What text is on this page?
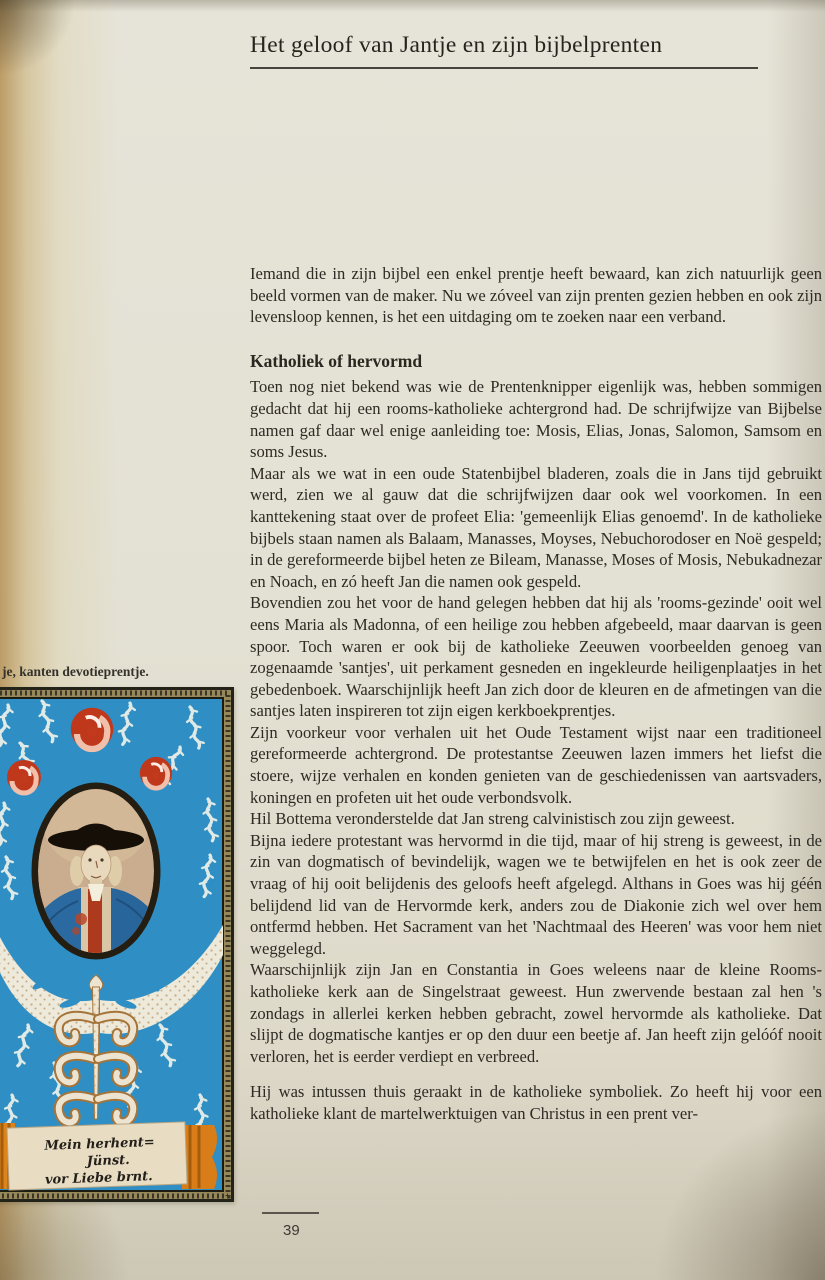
Het geloof van Jantje en zijn bijbelprenten
je, kanten devotieprentje.
Mein herhent=
Jünst.
vor Liebe brnt.

Iemand die in zijn bijbel een enkel prentje heeft bewaard, kan zich natuurlijk geen beeld vormen van de maker. Nu we zóveel van zijn prenten gezien hebben en ook zijn levensloop kennen, is het een uitdaging om te zoeken naar een verband.

Katholiek of hervormd

Toen nog niet bekend was wie de Prentenknipper eigenlijk was, hebben sommigen gedacht dat hij een rooms-katholieke achtergrond had. De schrijfwijze van Bijbelse namen gaf daar wel enige aanleiding toe: Mosis, Elias, Jonas, Salomon, Samsom en soms Jesus.

Maar als we wat in een oude Statenbijbel bladeren, zoals die in Jans tijd gebruikt werd, zien we al gauw dat die schrijfwijzen daar ook wel voorkomen. In een kanttekening staat over de profeet Elia: 'gemeenlijk Elias genoemd'. In de katholieke bijbels staan namen als Balaam, Manasses, Moyses, Nebuchorodoser en Noë gespeld; in de gereformeerde bijbel heten ze Bileam, Manasse, Moses of Mosis, Nebukadnezar en Noach, en zó heeft Jan die namen ook gespeld.

Bovendien zou het voor de hand gelegen hebben dat hij als 'rooms-gezinde' ooit wel eens Maria als Madonna, of een heilige zou hebben afgebeeld, maar daarvan is geen spoor. Toch waren er ook bij de katholieke Zeeuwen voorbeelden genoeg van zogenaamde 'santjes', uit perkament gesneden en ingekleurde heiligenplaatjes in het gebedenboek. Waarschijnlijk heeft Jan zich door de kleuren en de afmetingen van die santjes laten inspireren tot zijn eigen kerkboekprentjes.

Zijn voorkeur voor verhalen uit het Oude Testament wijst naar een traditioneel gereformeerde achtergrond. De protestantse Zeeuwen lazen immers het liefst die stoere, wijze verhalen en konden genieten van de geschiedenissen van aartsvaders, koningen en profeten uit het oude verbondsvolk.

Hil Bottema veronderstelde dat Jan streng calvinistisch zou zijn geweest.

Bijna iedere protestant was hervormd in die tijd, maar of hij streng is geweest, in de zin van dogmatisch of bevindelijk, wagen we te betwijfelen en het is ook zeer de vraag of hij ooit belijdenis des geloofs heeft afgelegd. Althans in Goes was hij géén belijdend lid van de Hervormde kerk, anders zou de Diakonie zich wel over hem ontfermd hebben. Het Sacrament van het 'Nachtmaal des Heeren' was voor hem niet weggelegd.

Waarschijnlijk zijn Jan en Constantia in Goes weleens naar de kleine Rooms-katholieke kerk aan de Singelstraat geweest. Hun zwervende bestaan zal hen 's zondags in allerlei kerken hebben gebracht, zowel hervormde als katholieke. Dat slijpt de dogmatische kantjes er op den duur een beetje af. Jan heeft zijn gelóóf nooit verloren, het is eerder verdiept en verbreed.

Hij was intussen thuis geraakt in de katholieke symboliek. Zo heeft hij voor een katholieke klant de martelwerktuigen van Christus in een prent ver-

39
